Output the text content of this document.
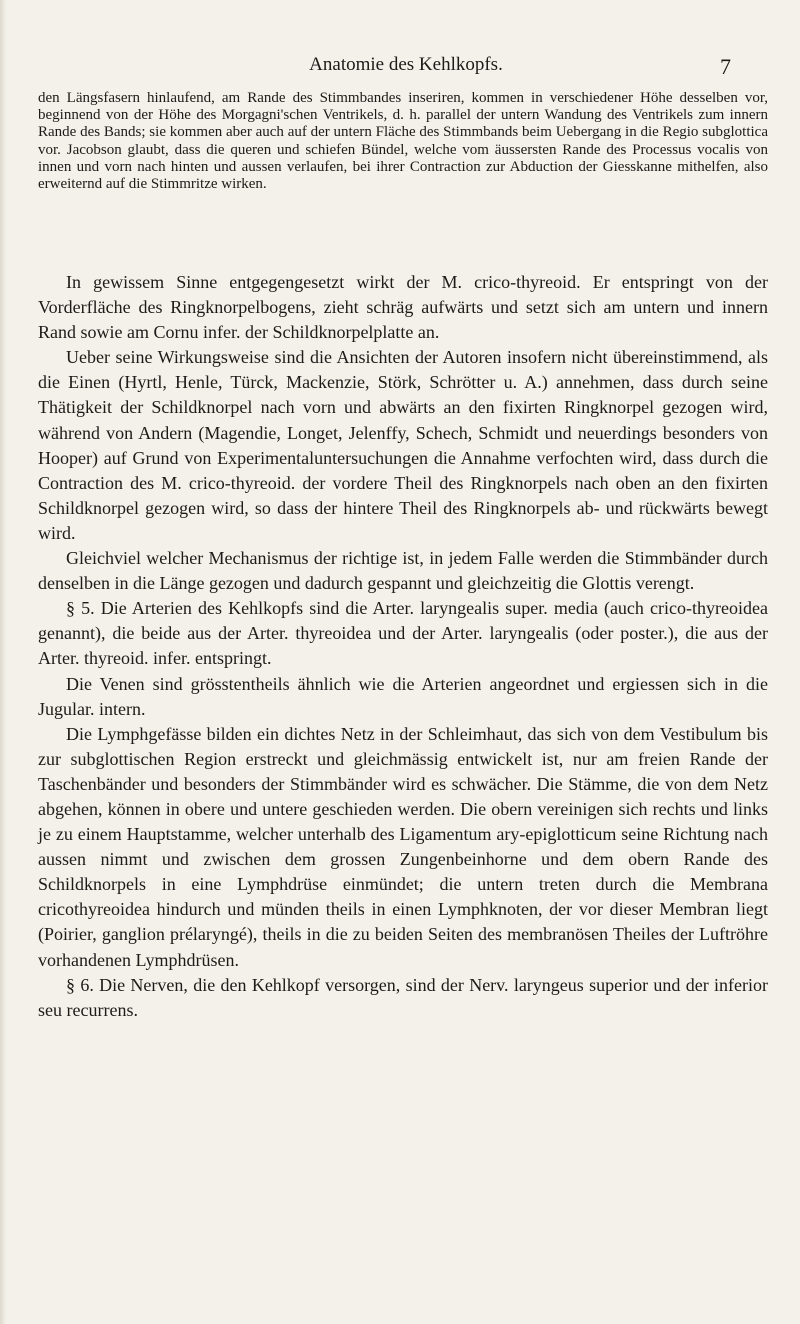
Anatomie des Kehlkopfs.	7
den Längsfasern hinlaufend, am Rande des Stimmbandes inseriren, kommen in verschiedener Höhe desselben vor, beginnend von der Höhe des Morgagni'schen Ventrikels, d. h. parallel der untern Wandung des Ventrikels zum innern Rande des Bands; sie kommen aber auch auf der untern Fläche des Stimmbands beim Uebergang in die Regio subglottica vor. Jacobson glaubt, dass die queren und schiefen Bündel, welche vom äussersten Rande des Processus vocalis von innen und vorn nach hinten und aussen verlaufen, bei ihrer Contraction zur Abduction der Giesskanne mithelfen, also erweiternd auf die Stimmritze wirken.

In gewissem Sinne entgegengesetzt wirkt der M. crico-thyreoid. Er entspringt von der Vorderfläche des Ringknorpelbogens, zieht schräg aufwärts und setzt sich am untern und innern Rand sowie am Cornu infer. der Schildknorpelplatte an.

Ueber seine Wirkungsweise sind die Ansichten der Autoren insofern nicht übereinstimmend, als die Einen (Hyrtl, Henle, Türck, Mackenzie, Störk, Schrötter u. A.) annehmen, dass durch seine Thätigkeit der Schildknorpel nach vorn und abwärts an den fixirten Ringknorpel gezogen wird, während von Andern (Magendie, Longet, Jelenffy, Schech, Schmidt und neuerdings besonders von Hooper) auf Grund von Experimentaluntersuchungen die Annahme verfochten wird, dass durch die Contraction des M. crico-thyreoid. der vordere Theil des Ringknorpels nach oben an den fixirten Schildknorpel gezogen wird, so dass der hintere Theil des Ringknorpels ab- und rückwärts bewegt wird.

Gleichviel welcher Mechanismus der richtige ist, in jedem Falle werden die Stimmbänder durch denselben in die Länge gezogen und dadurch gespannt und gleichzeitig die Glottis verengt.

§ 5. Die Arterien des Kehlkopfs sind die Arter. laryngealis super. media (auch crico-thyreoidea genannt), die beide aus der Arter. thyreoidea und der Arter. laryngealis (oder poster.), die aus der Arter. thyreoid. infer. entspringt.

Die Venen sind grösstentheils ähnlich wie die Arterien angeordnet und ergiessen sich in die Jugular. intern.

Die Lymphgefässe bilden ein dichtes Netz in der Schleimhaut, das sich von dem Vestibulum bis zur subglottischen Region erstreckt und gleichmässig entwickelt ist, nur am freien Rande der Taschenbänder und besonders der Stimmbänder wird es schwächer. Die Stämme, die von dem Netz abgehen, können in obere und untere geschieden werden. Die obern vereinigen sich rechts und links je zu einem Hauptstamme, welcher unterhalb des Ligamentum ary-epiglotticum seine Richtung nach aussen nimmt und zwischen dem grossen Zungenbeinhorne und dem obern Rande des Schildknorpels in eine Lymphdrüse einmündet; die untern treten durch die Membrana cricothyreoidea hindurch und münden theils in einen Lymphknoten, der vor dieser Membran liegt (Poirier, ganglion prélaryngé), theils in die zu beiden Seiten des membranösen Theiles der Luftröhre vorhandenen Lymphdrüsen.

§ 6. Die Nerven, die den Kehlkopf versorgen, sind der Nerv. laryngeus superior und der inferior seu recurrens.
